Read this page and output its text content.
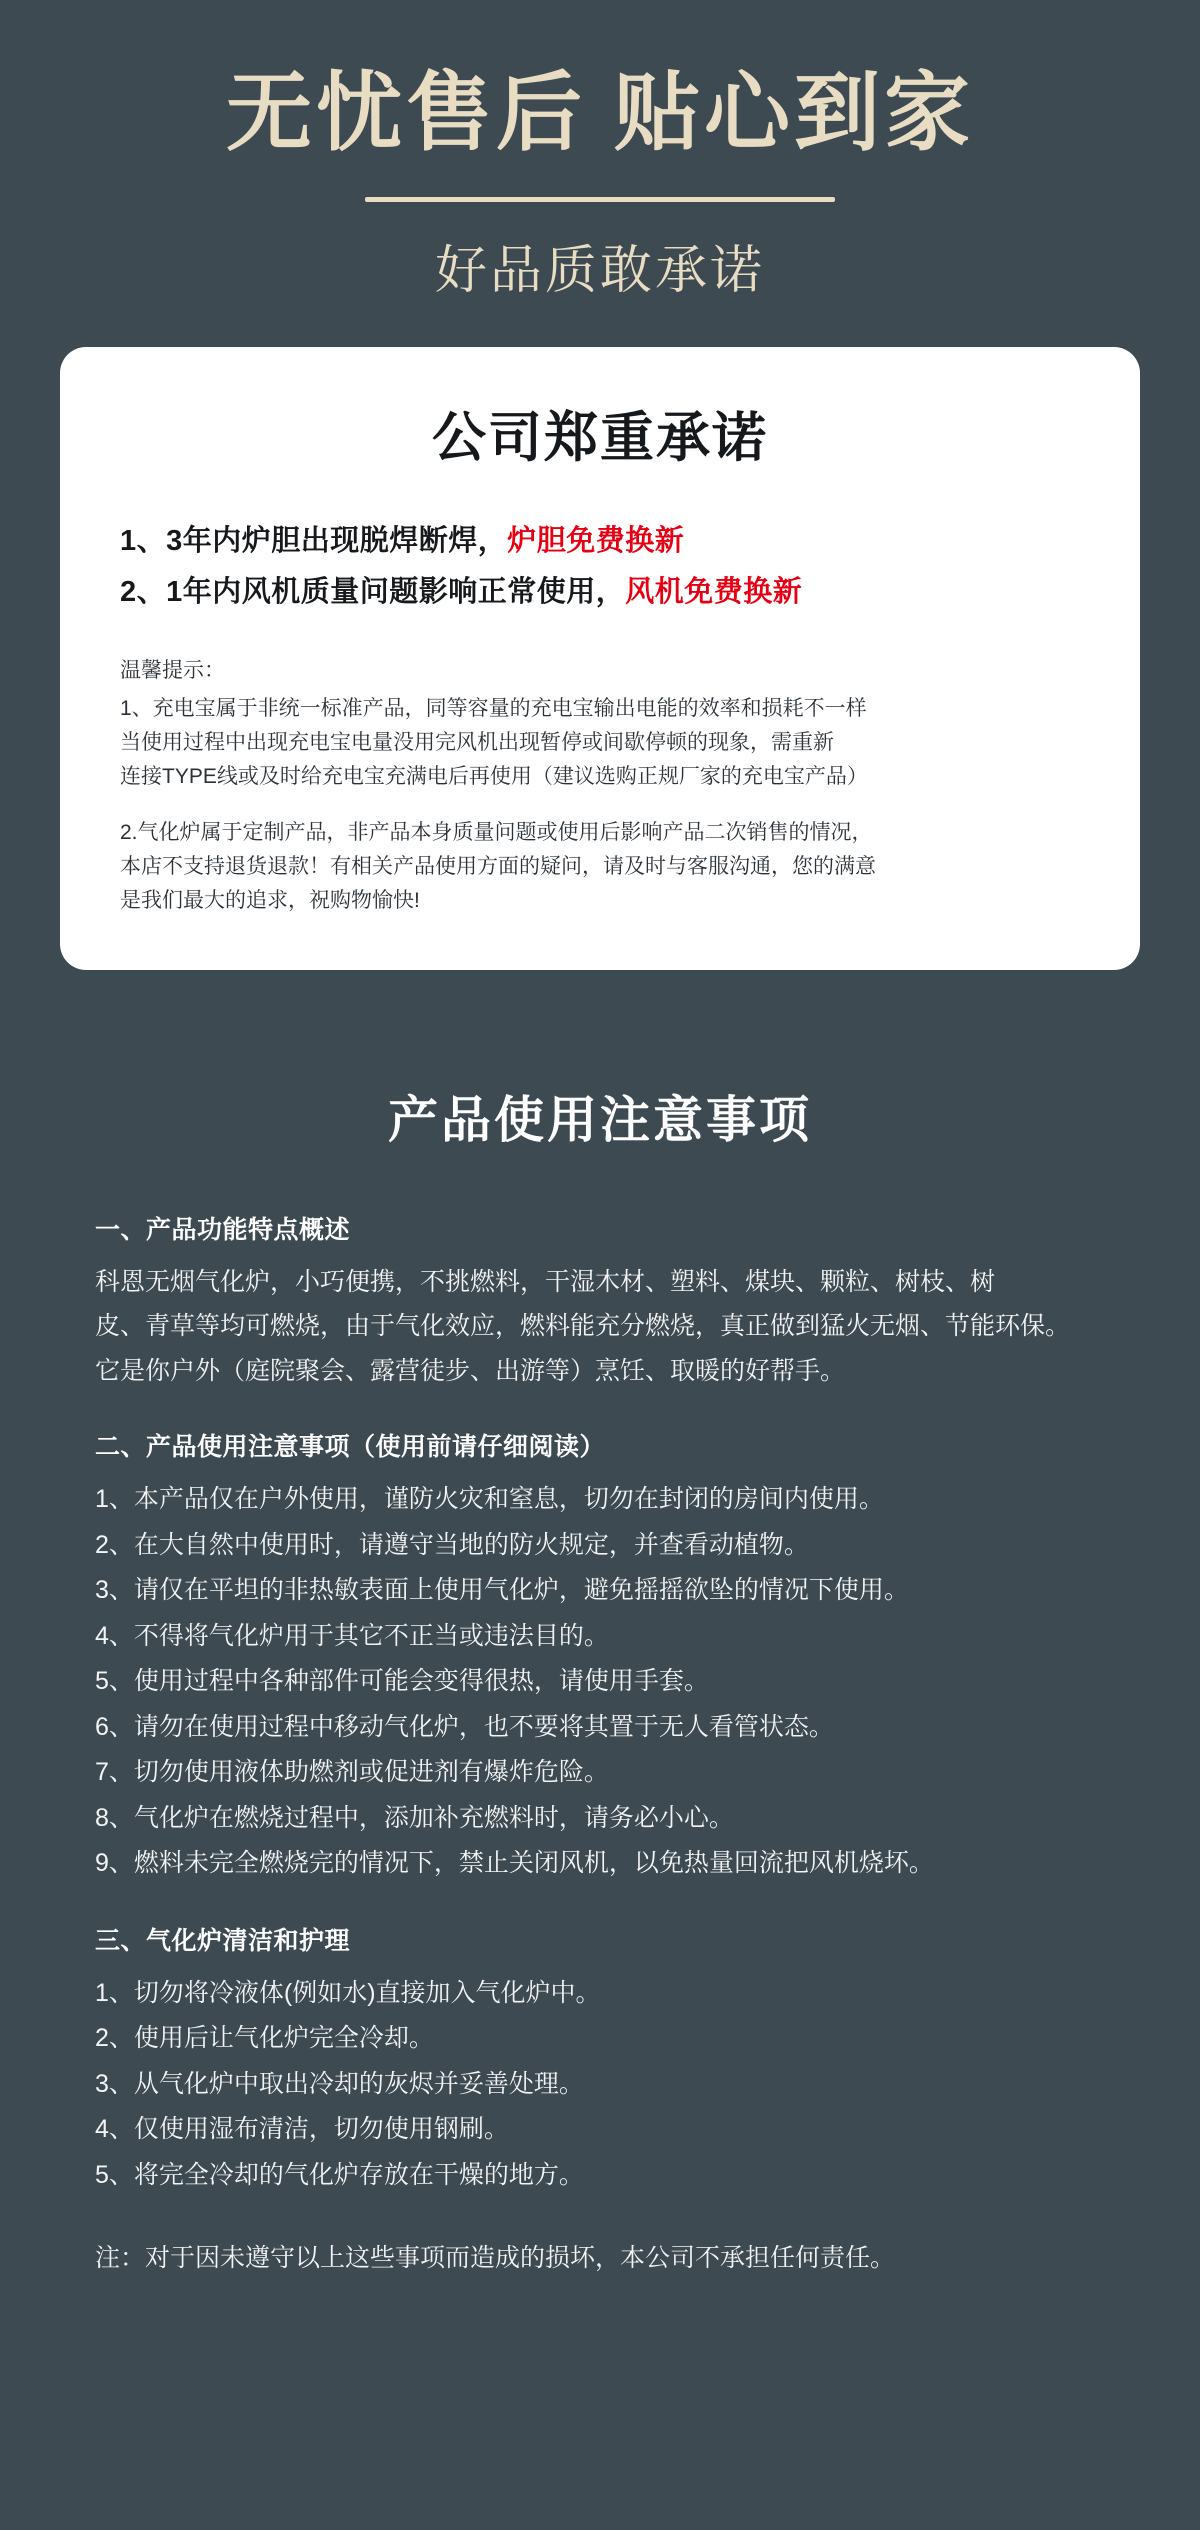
无忧售后 贴心到家
好品质敢承诺
公司郑重承诺
1、3年内炉胆出现脱焊断焊，炉胆免费换新
2、1年内风机质量问题影响正常使用，风机免费换新

温馨提示：

1、充电宝属于非统一标准产品，同等容量的充电宝输出电能的效率和损耗不一样

当使用过程中出现充电宝电量没用完风机出现暂停或间歇停顿的现象，需重新

连接TYPE线或及时给充电宝充满电后再使用（建议选购正规厂家的充电宝产品）

2.气化炉属于定制产品，非产品本身质量问题或使用后影响产品二次销售的情况，

本店不支持退货退款！有相关产品使用方面的疑问，请及时与客服沟通，您的满意

是我们最大的追求，祝购物愉快!

产品使用注意事项
一、产品功能特点概述
科恩无烟气化炉，小巧便携，不挑燃料，干湿木材、塑料、煤块、颗粒、树枝、树
皮、青草等均可燃烧，由于气化效应，燃料能充分燃烧，真正做到猛火无烟、节能环保。
它是你户外（庭院聚会、露营徒步、出游等）烹饪、取暖的好帮手。
二、产品使用注意事项（使用前请仔细阅读）
1、本产品仅在户外使用，谨防火灾和窒息，切勿在封闭的房间内使用。
2、在大自然中使用时，请遵守当地的防火规定，并查看动植物。
3、请仅在平坦的非热敏表面上使用气化炉，避免摇摇欲坠的情况下使用。
4、不得将气化炉用于其它不正当或违法目的。
5、使用过程中各种部件可能会变得很热，请使用手套。
6、请勿在使用过程中移动气化炉，也不要将其置于无人看管状态。
7、切勿使用液体助燃剂或促进剂有爆炸危险。
8、气化炉在燃烧过程中，添加补充燃料时，请务必小心。
9、燃料未完全燃烧完的情况下，禁止关闭风机，以免热量回流把风机烧坏。
三、气化炉清洁和护理
1、切勿将冷液体(例如水)直接加入气化炉中。
2、使用后让气化炉完全冷却。
3、从气化炉中取出冷却的灰烬并妥善处理。
4、仅使用湿布清洁，切勿使用钢刷。
5、将完全冷却的气化炉存放在干燥的地方。
注：对于因未遵守以上这些事项而造成的损坏，本公司不承担任何责任。
